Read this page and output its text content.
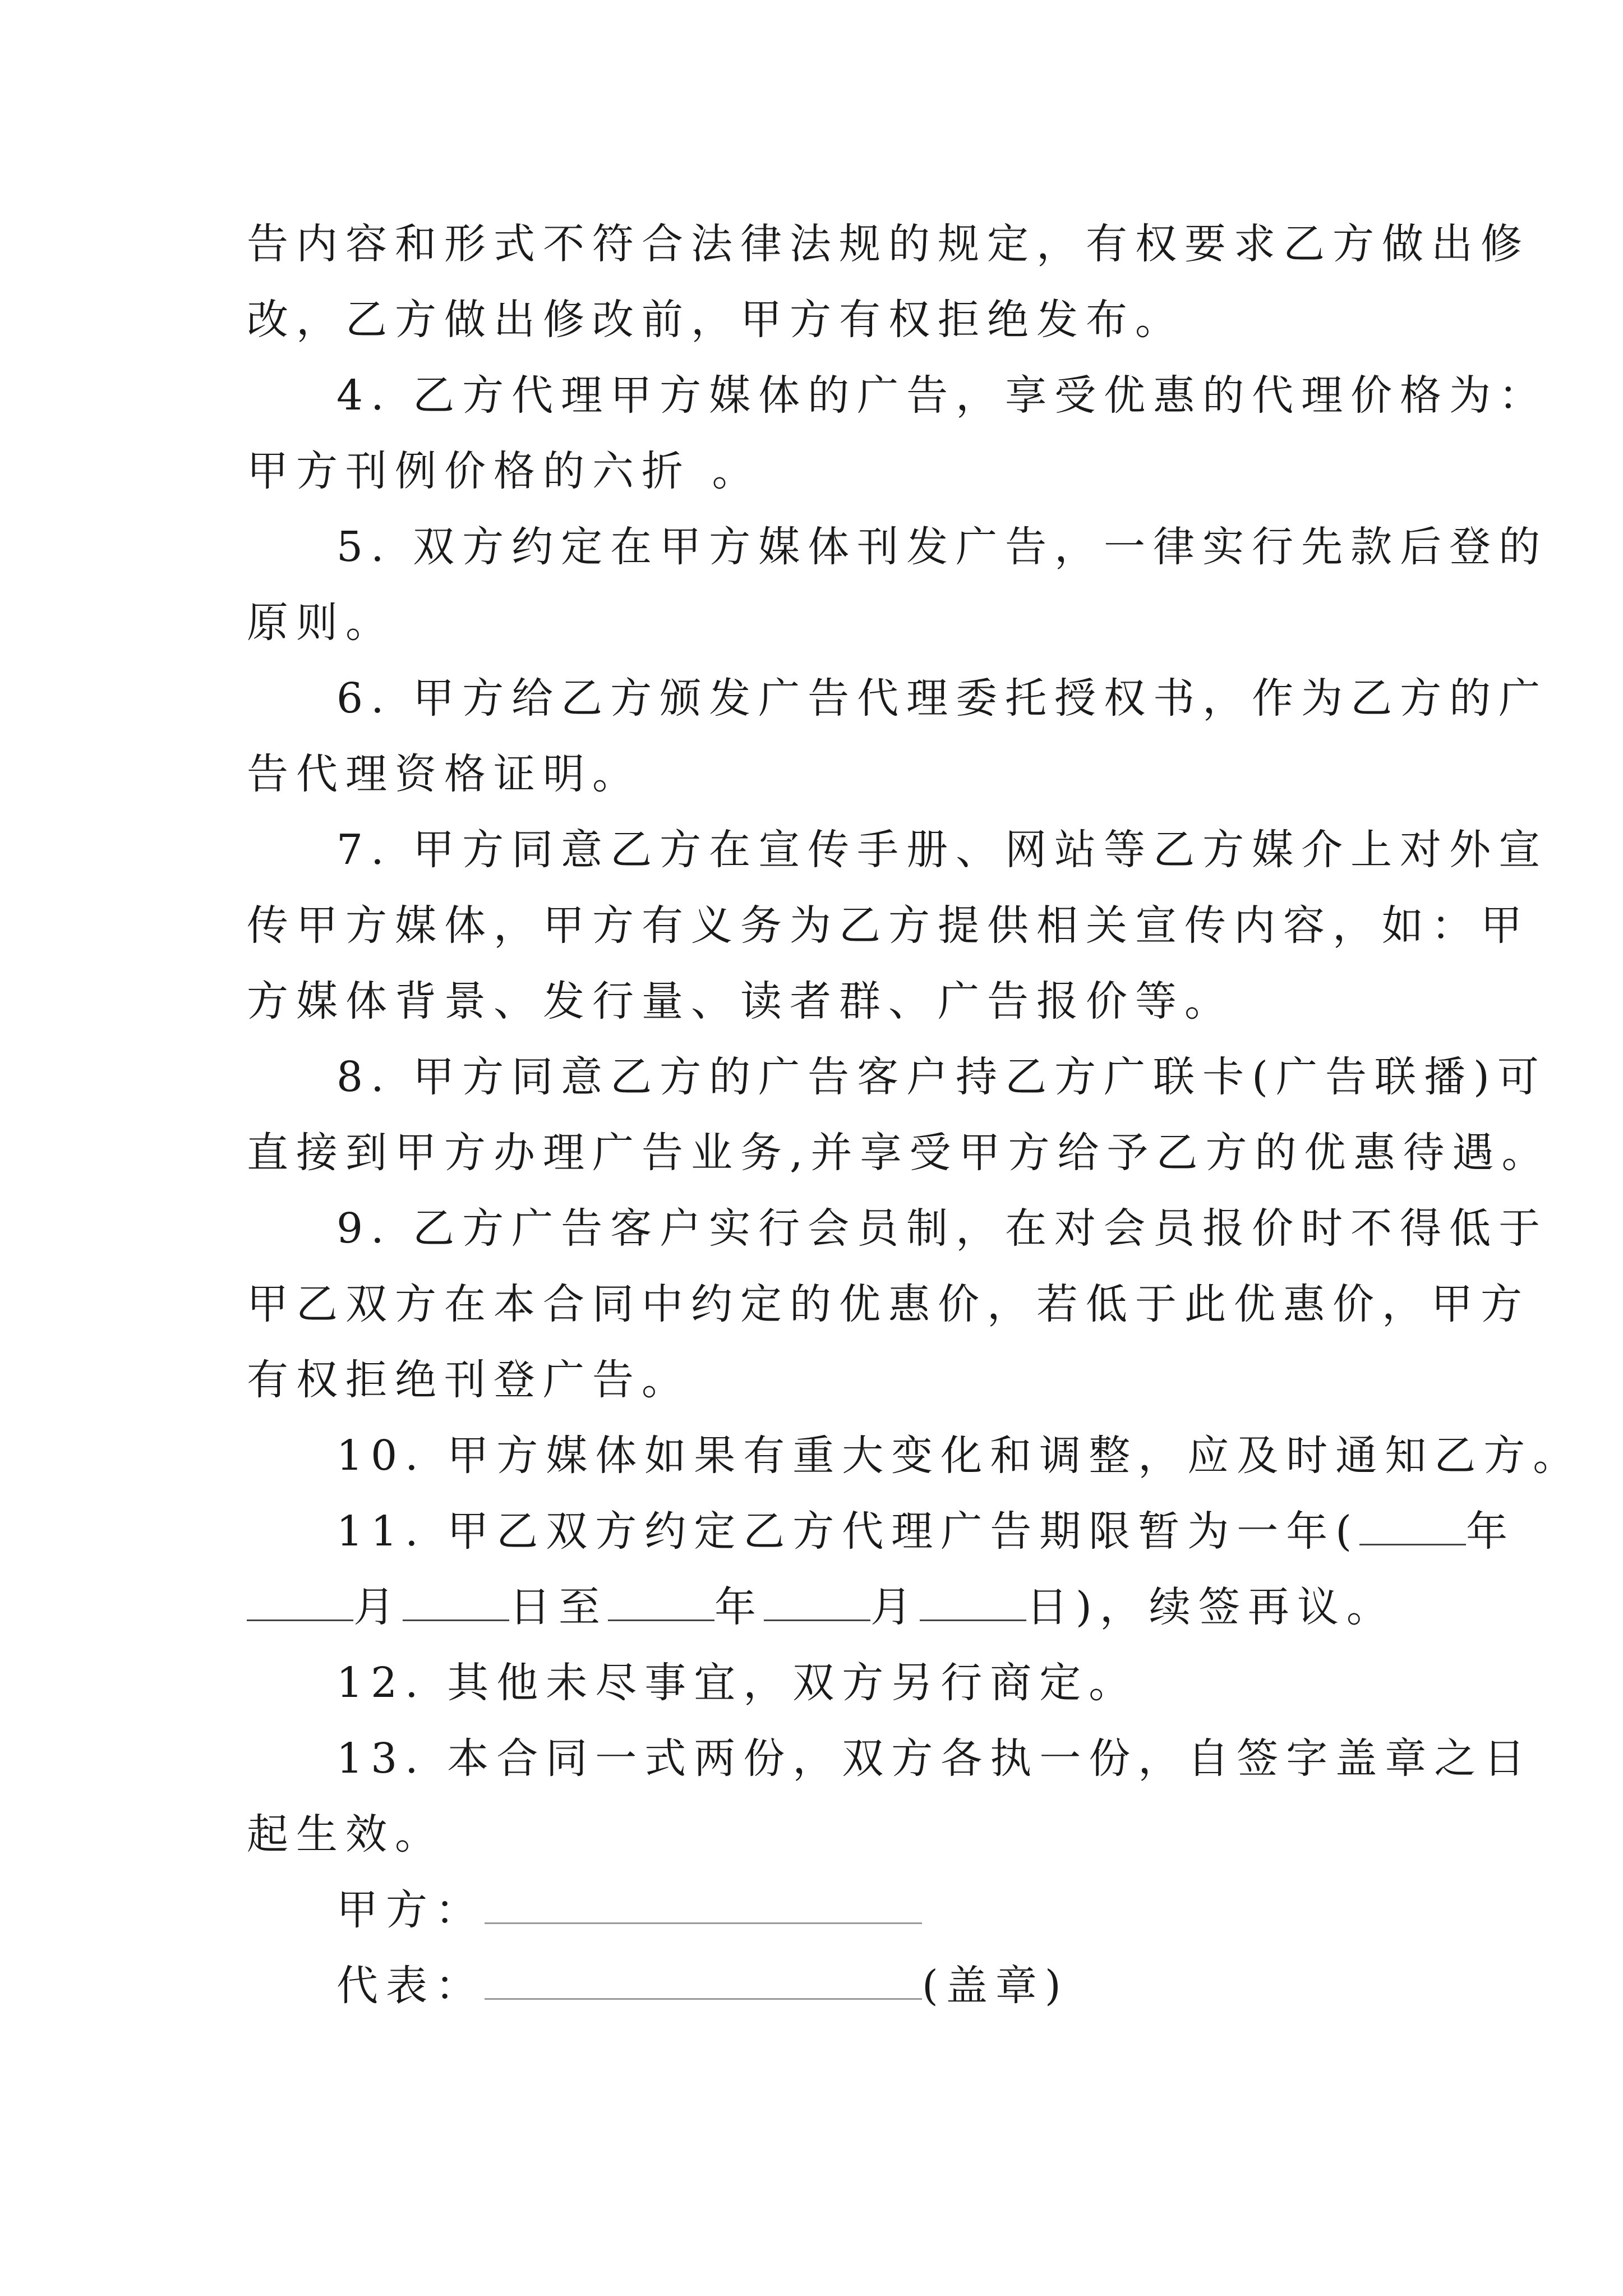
告内容和形式不符合法律法规的规定，有权要求乙方做出修
改，乙方做出修改前，甲方有权拒绝发布。
4. 乙方代理甲方媒体的广告，享受优惠的代理价格为：
甲方刊例价格的六折 。
5. 双方约定在甲方媒体刊发广告，一律实行先款后登的
原则。
6. 甲方给乙方颁发广告代理委托授权书，作为乙方的广
告代理资格证明。
7. 甲方同意乙方在宣传手册、网站等乙方媒介上对外宣
传甲方媒体，甲方有义务为乙方提供相关宣传内容，如：甲
方媒体背景、发行量、读者群、广告报价等。
8. 甲方同意乙方的广告客户持乙方广联卡(广告联播)可
直接到甲方办理广告业务,并享受甲方给予乙方的优惠待遇。
9. 乙方广告客户实行会员制，在对会员报价时不得低于
甲乙双方在本合同中约定的优惠价，若低于此优惠价，甲方
有权拒绝刊登广告。
10. 甲方媒体如果有重大变化和调整，应及时通知乙方。
11. 甲乙双方约定乙方代理广告期限暂为一年(	年
月	日至	年	月	日)，续签再议。
12. 其他未尽事宜，双方另行商定。
13. 本合同一式两份，双方各执一份，自签字盖章之日
起生效。
甲方：
代表：	(盖章)
